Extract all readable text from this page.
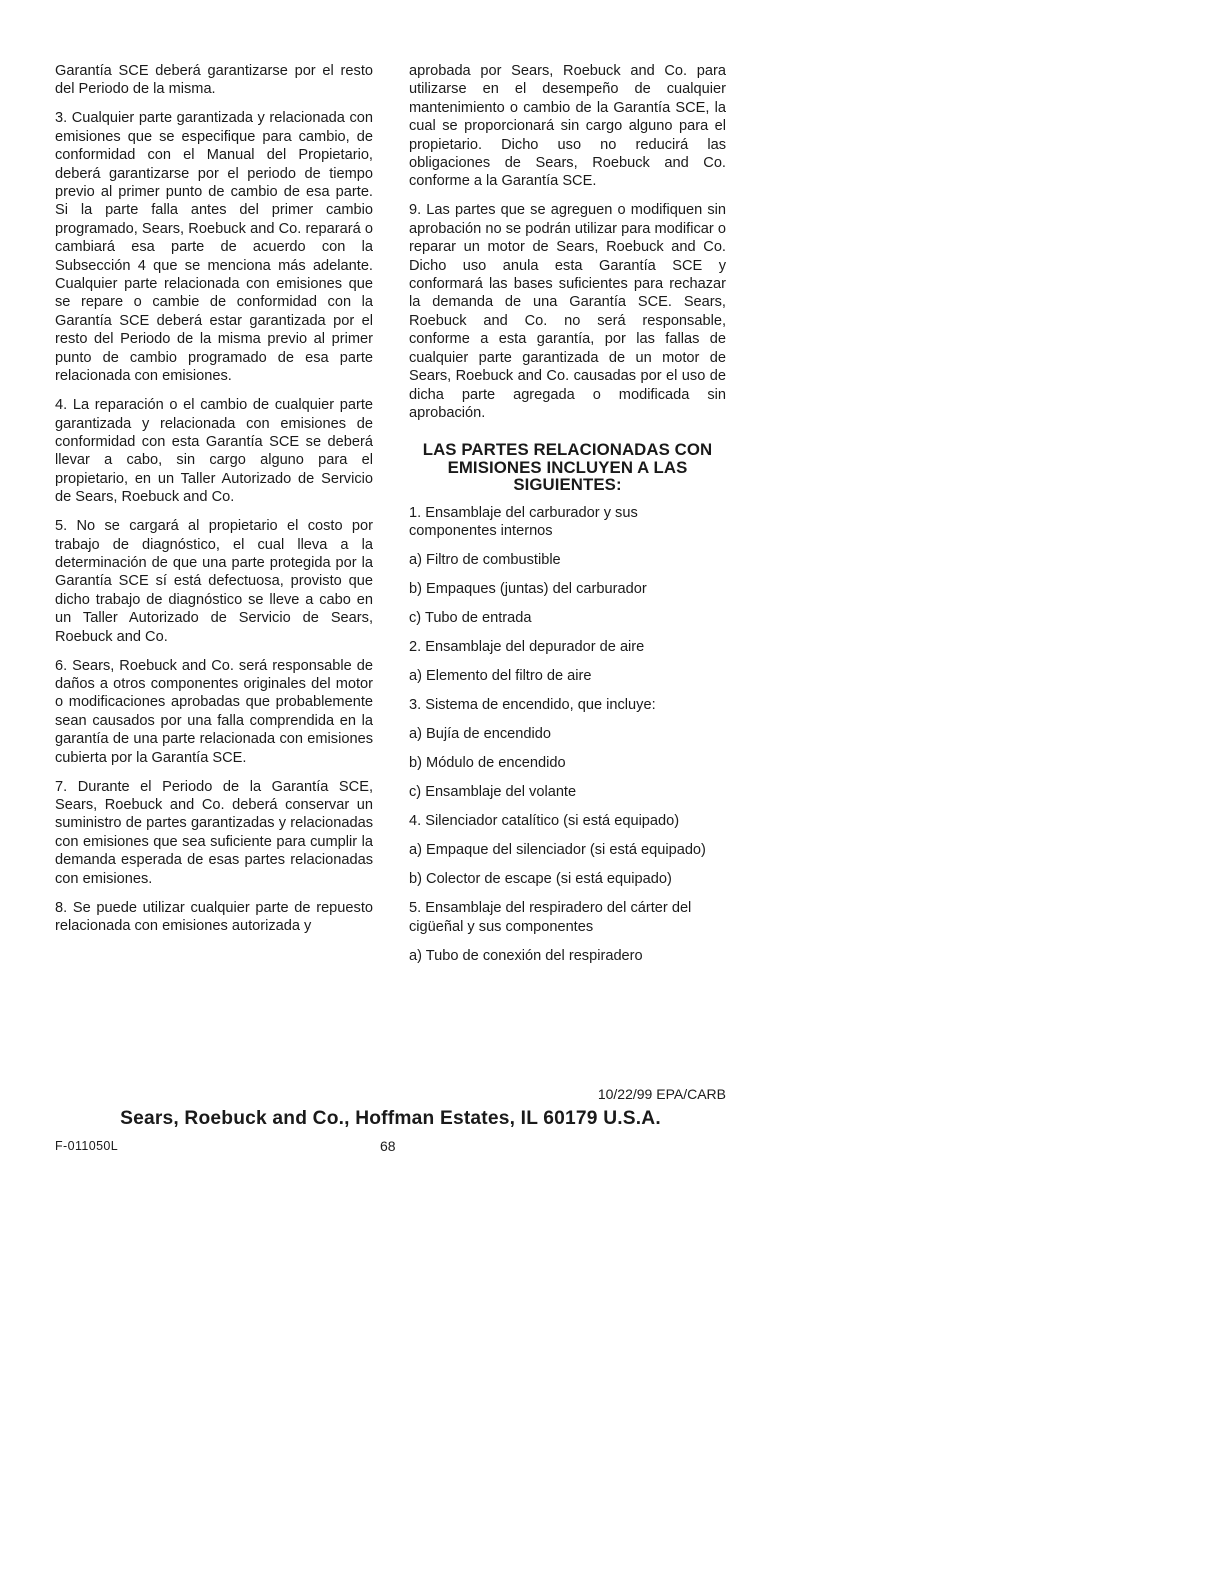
Garantía SCE deberá garantizarse por el resto del Periodo de la misma.

3. Cualquier parte garantizada y relacionada con emisiones que se especifique para cambio, de conformidad con el Manual del Propietario, deberá garantizarse por el periodo de tiempo previo al primer punto de cambio de esa parte. Si la parte falla antes del primer cambio programado, Sears, Roebuck and Co. reparará o cambiará esa parte de acuerdo con la Subsección 4 que se menciona más adelante. Cualquier parte relacionada con emisiones que se repare o cambie de conformidad con la Garantía SCE deberá estar garantizada por el resto del Periodo de la misma previo al primer punto de cambio programado de esa parte relacionada con emisiones.

4. La reparación o el cambio de cualquier parte garantizada y relacionada con emisiones de conformidad con esta Garantía SCE se deberá llevar a cabo, sin cargo alguno para el propietario, en un Taller Autorizado de Servicio de Sears, Roebuck and Co.

5. No se cargará al propietario el costo por trabajo de diagnóstico, el cual lleva a la determinación de que una parte protegida por la Garantía SCE sí está defectuosa, provisto que dicho trabajo de diagnóstico se lleve a cabo en un Taller Autorizado de Servicio de Sears, Roebuck and Co.

6. Sears, Roebuck and Co. será responsable de daños a otros componentes originales del motor o modificaciones aprobadas que probablemente sean causados por una falla comprendida en la garantía de una parte relacionada con emisiones cubierta por la Garantía SCE.

7. Durante el Periodo de la Garantía SCE, Sears, Roebuck and Co. deberá conservar un suministro de partes garantizadas y relacionadas con emisiones que sea suficiente para cumplir la demanda esperada de esas partes relacionadas con emisiones.

8. Se puede utilizar cualquier parte de repuesto relacionada con emisiones autorizada y

aprobada por Sears, Roebuck and Co. para utilizarse en el desempeño de cualquier mantenimiento o cambio de la Garantía SCE, la cual se proporcionará sin cargo alguno para el propietario. Dicho uso no reducirá las obligaciones de Sears, Roebuck and Co. conforme a la Garantía SCE.

9. Las partes que se agreguen o modifiquen sin aprobación no se podrán utilizar para modificar o reparar un motor de Sears, Roebuck and Co. Dicho uso anula esta Garantía SCE y conformará las bases suficientes para rechazar la demanda de una Garantía SCE. Sears, Roebuck and Co. no será responsable, conforme a esta garantía, por las fallas de cualquier parte garantizada de un motor de Sears, Roebuck and Co. causadas por el uso de dicha parte agregada o modificada sin aprobación.

LAS PARTES RELACIONADAS CON EMISIONES INCLUYEN A LAS SIGUIENTES:

1. Ensamblaje del carburador y sus componentes internos

a) Filtro de combustible

b) Empaques (juntas) del carburador

c) Tubo de entrada

2. Ensamblaje del depurador de aire

a) Elemento del filtro de aire

3. Sistema de encendido, que incluye:

a) Bujía de encendido

b) Módulo de encendido

c) Ensamblaje del volante

4. Silenciador catalítico (si está equipado)

a) Empaque del silenciador (si está equipado)

b) Colector de escape (si está equipado)

5. Ensamblaje del respiradero del cárter del cigüeñal y sus componentes

a) Tubo de conexión del respiradero

10/22/99 EPA/CARB
Sears, Roebuck and Co., Hoffman Estates, IL 60179 U.S.A.
F-011050L	68
